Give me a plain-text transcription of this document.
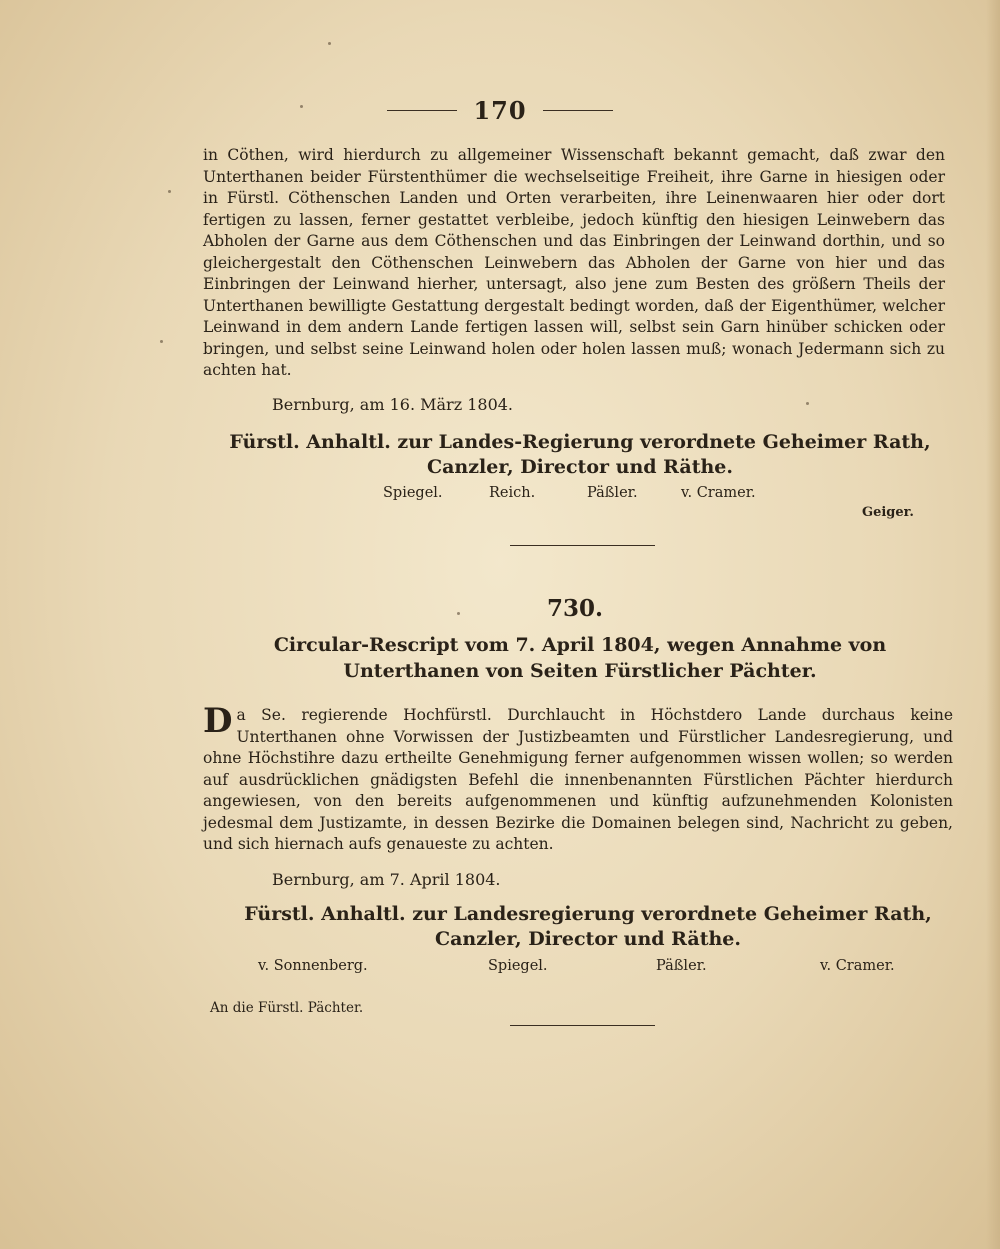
170
in Cöthen, wird hierdurch zu allgemeiner Wissenschaft bekannt gemacht, daß zwar den Unterthanen beider Fürstenthümer die wechselseitige Freiheit, ihre Garne in hiesigen oder in Fürstl. Cöthenschen Landen und Orten verarbeiten, ihre Leinenwaaren hier oder dort fertigen zu lassen, ferner gestattet verbleibe, jedoch künftig den hiesigen Leinwebern das Abholen der Garne aus dem Cöthenschen und das Einbringen der Leinwand dorthin, und so gleichergestalt den Cöthenschen Leinwebern das Abholen der Garne von hier und das Einbringen der Leinwand hierher, untersagt, also jene zum Besten des größern Theils der Unterthanen bewilligte Gestattung dergestalt bedingt worden, daß der Eigenthümer, welcher Leinwand in dem andern Lande fertigen lassen will, selbst sein Garn hinüber schicken oder bringen, und selbst seine Leinwand holen oder holen lassen muß; wonach Jedermann sich zu achten hat.
Bernburg, am 16. März 1804.
Fürstl. Anhaltl. zur Landes-Regierung verordnete Geheimer Rath, Canzler, Director und Räthe.
Spiegel.	Reich.	Päßler.	v. Cramer.
Geiger.
730.
Circular-Rescript vom 7. April 1804, wegen Annahme von Unterthanen von Seiten Fürstlicher Pächter.
Da Se. regierende Hochfürstl. Durchlaucht in Höchstdero Lande durchaus keine Unterthanen ohne Vorwissen der Justizbeamten und Fürstlicher Landesregierung, und ohne Höchstihre dazu ertheilte Genehmigung ferner aufgenommen wissen wollen; so werden auf ausdrücklichen gnädigsten Befehl die innenbenannten Fürstlichen Pächter hierdurch angewiesen, von den bereits aufgenommenen und künftig aufzunehmenden Kolonisten jedesmal dem Justizamte, in dessen Bezirke die Domainen belegen sind, Nachricht zu geben, und sich hiernach aufs genaueste zu achten.
Bernburg, am 7. April 1804.
Fürstl. Anhaltl. zur Landesregierung verordnete Geheimer Rath, Canzler, Director und Räthe.
v. Sonnenberg.	Spiegel.	Päßler.	v. Cramer.
An die Fürstl. Pächter.
